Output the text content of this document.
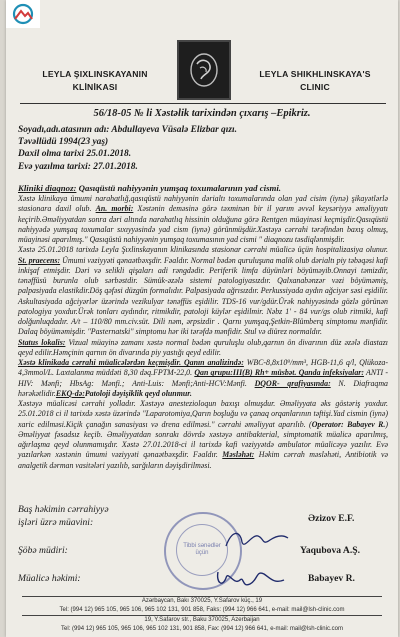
LEYLA ŞIXLINSKAYANIN
KLİNİKASI
LEYLA SHIKHLINSKAYA'S
CLINIC
56/18-05 № li Xəstəlik tarixindən çıxarış –Epikriz.
Soyadı,adı.atasının adı: Abdullayeva Vüsalə Elizbar qızı.
Təvəllüdü 1994(23 yaş)
Daxil olma tarixi 25.01.2018.
Evə yazılma tarixi: 27.01.2018.

Kliniki diaqnoz: Qasıqüstü nahiyyənin yumşaq toxumalarının yad cismi.

Xəstə klinikaya ümumi narahatlığ,qasıqüstü nahiyyənin dərialtı toxumalarında olan yad cisim (iynə) şikayətlərlə stasionara daxil olub. An. morbi: Xəstənin deməsinə görə təxminən bir il yarım əvvəl keysəriyyə əməliyyatı keçirib.Əməliyyatdan sonra dəri altında narahatlıq hissinin olduğuna görə Rentgen müayinəsi keçmişdir.Qasıqüstü nahiyyədə yumşaq toxumalar sıxıyyəsində yad cism (iynə) görünmüşdür.Xəstəyə cərrahi tərəfindən baxış olmuş, müayinəsi aparılmış." Qasıqüstü nahiyyənin yumşaq toxumasının yad cismi " diaqnozu təsdiqlənmişdir.

Xəstə 25.01.2018 tarixdə Leyla Şıxlinskayanın klinikasında stasionar cərrahi müalicə üçün hospitalizasiya olunur. St. praecens: Ümumi vəziyyəti qənaətbəxşdir. Fəaldır. Normal bədən quruluşuna malik olub dərialtı piy təbəqəsi kafi inkişaf etmişdir. Dəri və selikli qişaları adi rəngdədir. Periferik limfa düyünləri böyüməyib.Onnayi təmizdir, tənəffüsü burunla olub sərbəstdir. Sümük-əzələ sistemi patologiyasızdır. Qalxanabənzər vəzi böyüməmiş, palpasiyada elastikdir.Döş qəfəsi düzgün formalıdır. Palpasiyada ağrısızdır. Perkussiyada aydın ağciyər səsi eşidilir. Askultasiyada ağciyərlər üzərində vezikulyar tənəffüs eşidilir. TDS-16 vur/gdür.Ürək nahiyyəsində gözlə görünən patologiya yoxdur.Ürək tonları aydındır, ritmikdir, patoloji küylər eşidilmir. Nəbz 1' - 84 vur/gs olub ritmiki, kafi dolğunluqdadır. A/t – 110/80 mm.civ.süt. Dili nəm, ərpsizdir . Qarnı yumşaq,Şetkin-Blümberq simptomu mənfidir. Dalaq böyüməmişdir. "Pasternatski" simptomu hər iki tərəfdə mənfidir. Stul və diürez normaldır.

Status lokalis: Vizual müayinə zamanı xəstə normal bədən quruluşlu olub,qarnın ön divarının düz əzələ diastazı qeyd edilir.Həmçinin qarnın ön divarında piy yastığı qeyd edilir.

Xəstə klinikada cərrahi müalicələrdən keçmişdir. Qanın analizində: WBC-8,8x10⁹/mm³, HGB-11,6 q/l, Qlükoza-4,3mmol/L. Laxtalanma müddəti 8,30 dəq.FPTM-22,0. Qan qrupu:III(B) Rh+ müsbət. Qanda infeksiyalar: ANTI - HIV: Mənfi; HbsAg: Mənfi.; Anti-Luis: Mənfi;Anti-HCV:Mənfi. DQOR- qrafiyasında: N. Diafraqma hərəkətlidir.EKQ-də:Patoloji dəyişiklik qeyd olunmur.

Xəstəyə müalicəsi cərrahi yolladır. Xəstəyə anestezioloqun baxışı olmuşdur. Əməliyyata əks göstəriş yoxdur. 25.01.2018 ci il tarixdə xəstə üzərində "Laparotomiya,Qarın boşluğu və çanaq orqanlarının təftişi.Yad cismin (iynə) xaric edilməsi.Kiçik çanağın sanasiyası və drena edilməsi." cərrahi əməliyyat aparılıb. (Operator: Babayev R.) Əməliyyat fəsadsız keçib. Əməliyyatdan sonrakı dövrdə xəstəyə antibakterial, simptomatik müalicə aparılmış, ağırlaşma qeyd olunmamışdır. Xəstə 27.01.2018-ci il tarixdə kafi vəziyyətdə ambulator müalicəyə yazılır. Evə yazılarkən xəstənin ümumi vəziyyəti qənaətbəxşdir. Fəaldır. Məsləhət: Həkim cərrah məsləhəti, Antibiotik və analgetik dərman vasitələri yazılıb, sarğıların dəyişdirilməsi.

Baş həkimin cərrahiyyə
işləri üzrə müavini:	Əzizov E.F.
Şöbə müdiri:	Yaqubova A.Ş.
Müalicə həkimi:	Babayev R.
Tibbi sənədlər üçün
Azərbaycan, Bakı 370025, Y.Safarov küç., 19
Tel: (994 12) 965 105, 965 106, 965 102 131, 901 858, Faks: (994 12) 966 641, e-mail: mail@lsh-clinic.com
19, Y.Safarov str., Baku 370025, Azerbaijan
Tel: (994 12) 965 105, 965 106, 965 102 131, 901 858, Fax: (994 12) 966 641, e-mail: mail@lsh-clinic.com
